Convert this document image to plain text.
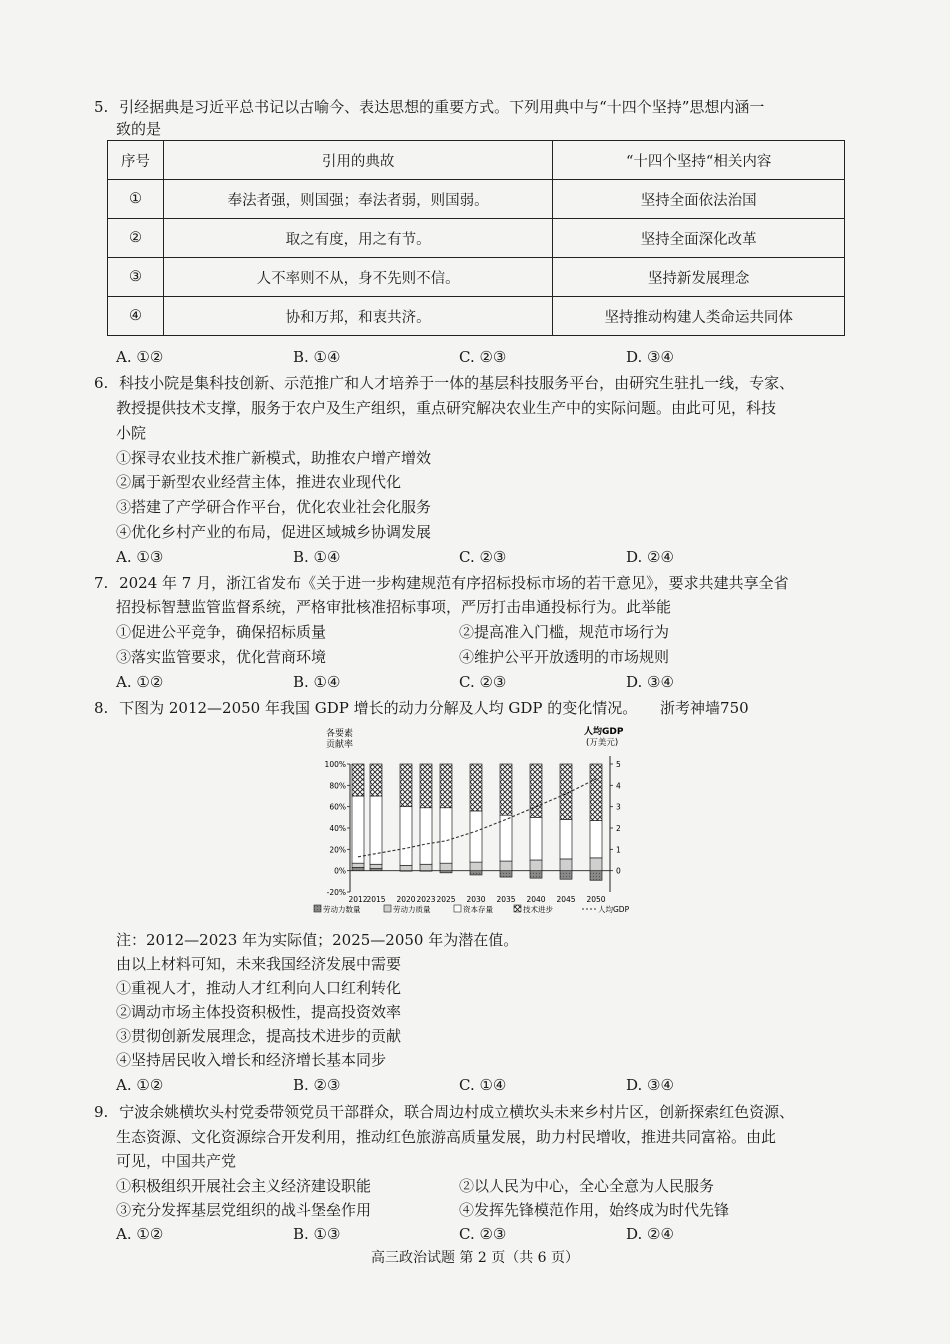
5. 引经据典是习近平总书记以古喻今、表达思想的重要方式。下列用典中与“十四个坚持”思想内涵一
致的是
序号	引用的典故	“十四个坚持“相关内容
①	奉法者强，则国强；奉法者弱，则国弱。	坚持全面依法治国
②	取之有度，用之有节。	坚持全面深化改革
③	人不率则不从，身不先则不信。	坚持新发展理念
④	协和万邦，和衷共济。	坚持推动构建人类命运共同体
A. ①②	B. ①④	C. ②③	D. ③④
6. 科技小院是集科技创新、示范推广和人才培养于一体的基层科技服务平台，由研究生驻扎一线，专家、
教授提供技术支撑，服务于农户及生产组织，重点研究解决农业生产中的实际问题。由此可见，科技
小院
①探寻农业技术推广新模式，助推农户增产增效
②属于新型农业经营主体，推进农业现代化
③搭建了产学研合作平台，优化农业社会化服务
④优化乡村产业的布局，促进区域城乡协调发展
A. ①③	B. ①④	C. ②③	D. ②④
7. 2024 年 7 月，浙江省发布《关于进一步构建规范有序招标投标市场的若干意见》，要求共建共享全省
招投标智慧监管监督系统，严格审批核准招标事项，严厉打击串通投标行为。此举能
①促进公平竞争，确保招标质量	②提高准入门槛，规范市场行为
③落实监管要求，优化营商环境	④维护公平开放透明的市场规则
A. ①②	B. ①④	C. ②③	D. ③④
8. 下图为 2012—2050 年我国 GDP 增长的动力分解及人均 GDP 的变化情况。 浙考神墙750
各要素
贡献率
人均GDP
(万美元)
-20%
0%
20%
40%
60%
80%
100%
0
1
2
3
4
5
2012
2015 2020 2023 2025 2030 2035 2040 2045 2050
劳动力数量	劳动力质量	资本存量	技术进步	人均GDP
注：2012—2023 年为实际值；2025—2050 年为潜在值。
由以上材料可知，未来我国经济发展中需要
①重视人才，推动人才红利向人口红利转化
②调动市场主体投资积极性，提高投资效率
③贯彻创新发展理念，提高技术进步的贡献
④坚持居民收入增长和经济增长基本同步
A. ①②	B. ②③	C. ①④	D. ③④
9. 宁波余姚横坎头村党委带领党员干部群众，联合周边村成立横坎头未来乡村片区，创新探索红色资源、
生态资源、文化资源综合开发利用，推动红色旅游高质量发展，助力村民增收，推进共同富裕。由此
可见，中国共产党
①积极组织开展社会主义经济建设职能	②以人民为中心，全心全意为人民服务
③充分发挥基层党组织的战斗堡垒作用	④发挥先锋模范作用，始终成为时代先锋
A. ①②	B. ①③	C. ②③	D. ②④
高三政治试题 第 2 页（共 6 页）
